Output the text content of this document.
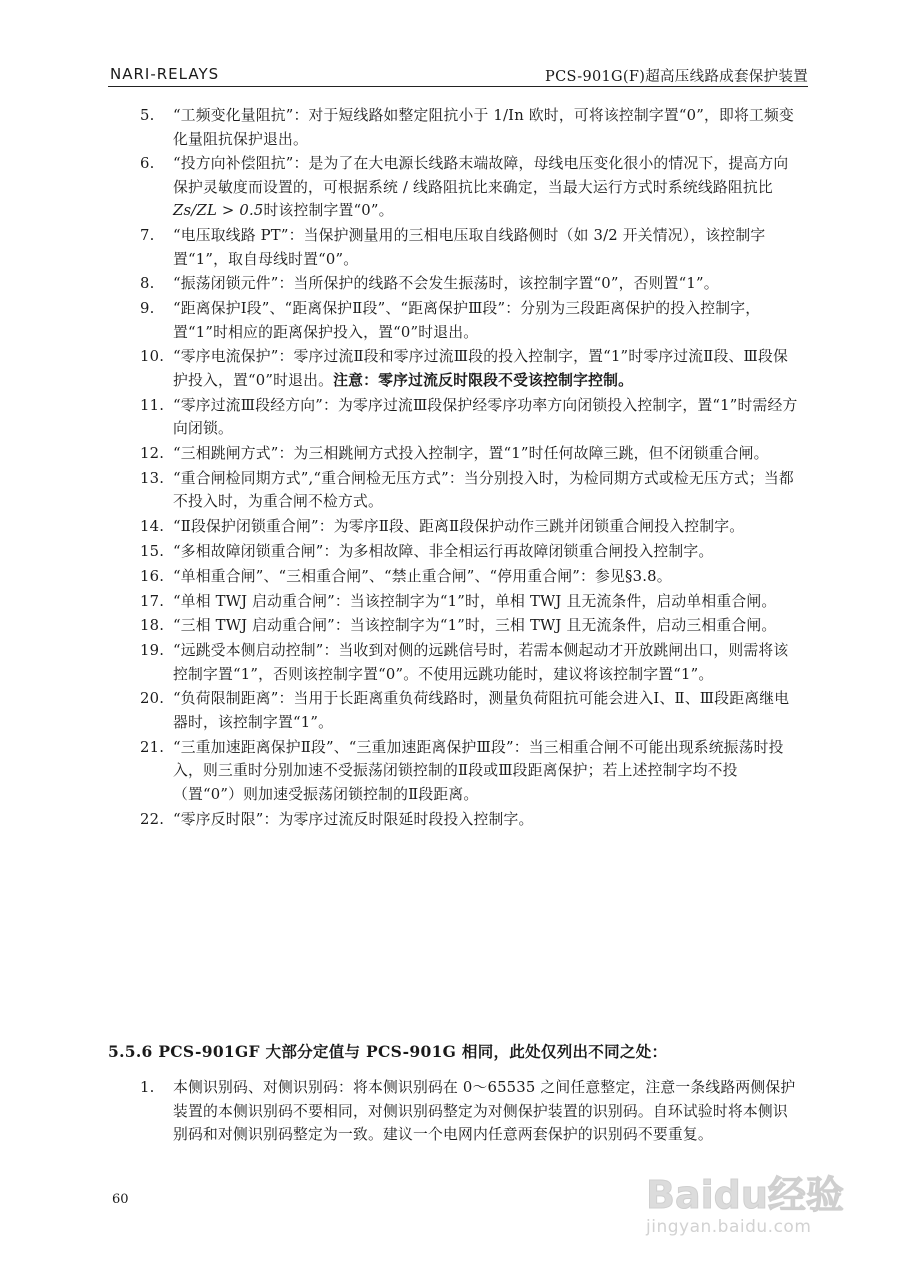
NARI-RELAYS	PCS-901G(F)超高压线路成套保护装置
5. “工频变化量阻抗”：对于短线路如整定阻抗小于 1/In 欧时，可将该控制字置“0”，即将工频变化量阻抗保护退出。
6. “投方向补偿阻抗”：是为了在大电源长线路末端故障，母线电压变化很小的情况下，提高方向保护灵敏度而设置的，可根据系统 / 线路阻抗比来确定，当最大运行方式时系统线路阻抗比Zs/ZL > 0.5时该控制字置“0”。
7. “电压取线路 PT”：当保护测量用的三相电压取自线路侧时（如 3/2 开关情况），该控制字置“1”，取自母线时置“0”。
8. “振荡闭锁元件”：当所保护的线路不会发生振荡时，该控制字置“0”，否则置“1”。
9. “距离保护Ⅰ段”、“距离保护Ⅱ段”、“距离保护Ⅲ段”：分别为三段距离保护的投入控制字，置“1”时相应的距离保护投入，置“0”时退出。
10. “零序电流保护”：零序过流Ⅱ段和零序过流Ⅲ段的投入控制字，置“1”时零序过流Ⅱ段、Ⅲ段保护投入，置“0”时退出。注意：零序过流反时限段不受该控制字控制。
11. “零序过流Ⅲ段经方向”：为零序过流Ⅲ段保护经零序功率方向闭锁投入控制字，置“1”时需经方向闭锁。
12. “三相跳闸方式”：为三相跳闸方式投入控制字，置“1”时任何故障三跳，但不闭锁重合闸。
13. “重合闸检同期方式”,“重合闸检无压方式”：当分别投入时，为检同期方式或检无压方式；当都不投入时，为重合闸不检方式。
14. “Ⅱ段保护闭锁重合闸”：为零序Ⅱ段、距离Ⅱ段保护动作三跳并闭锁重合闸投入控制字。
15. “多相故障闭锁重合闸”：为多相故障、非全相运行再故障闭锁重合闸投入控制字。
16. “单相重合闸”、“三相重合闸”、“禁止重合闸”、“停用重合闸”：参见§3.8。
17. “单相 TWJ 启动重合闸”：当该控制字为“1”时，单相 TWJ 且无流条件，启动单相重合闸。
18. “三相 TWJ 启动重合闸”：当该控制字为“1”时，三相 TWJ 且无流条件，启动三相重合闸。
19. “远跳受本侧启动控制”：当收到对侧的远跳信号时，若需本侧起动才开放跳闸出口，则需将该控制字置“1”，否则该控制字置“0”。不使用远跳功能时，建议将该控制字置“1”。
20. “负荷限制距离”：当用于长距离重负荷线路时，测量负荷阻抗可能会进入Ⅰ、Ⅱ、Ⅲ段距离继电器时，该控制字置“1”。
21. “三重加速距离保护Ⅱ段”、“三重加速距离保护Ⅲ段”：当三相重合闸不可能出现系统振荡时投入，则三重时分别加速不受振荡闭锁控制的Ⅱ段或Ⅲ段距离保护；若上述控制字均不投（置“0”）则加速受振荡闭锁控制的Ⅱ段距离。
22. “零序反时限”：为零序过流反时限延时段投入控制字。
5.5.6 PCS-901GF 大部分定值与 PCS-901G 相同，此处仅列出不同之处：
1. 本侧识别码、对侧识别码：将本侧识别码在 0～65535 之间任意整定，注意一条线路两侧保护装置的本侧识别码不要相同，对侧识别码整定为对侧保护装置的识别码。自环试验时将本侧识别码和对侧识别码整定为一致。建议一个电网内任意两套保护的识别码不要重复。
60	Baidu经验
jingyan.baidu.com
